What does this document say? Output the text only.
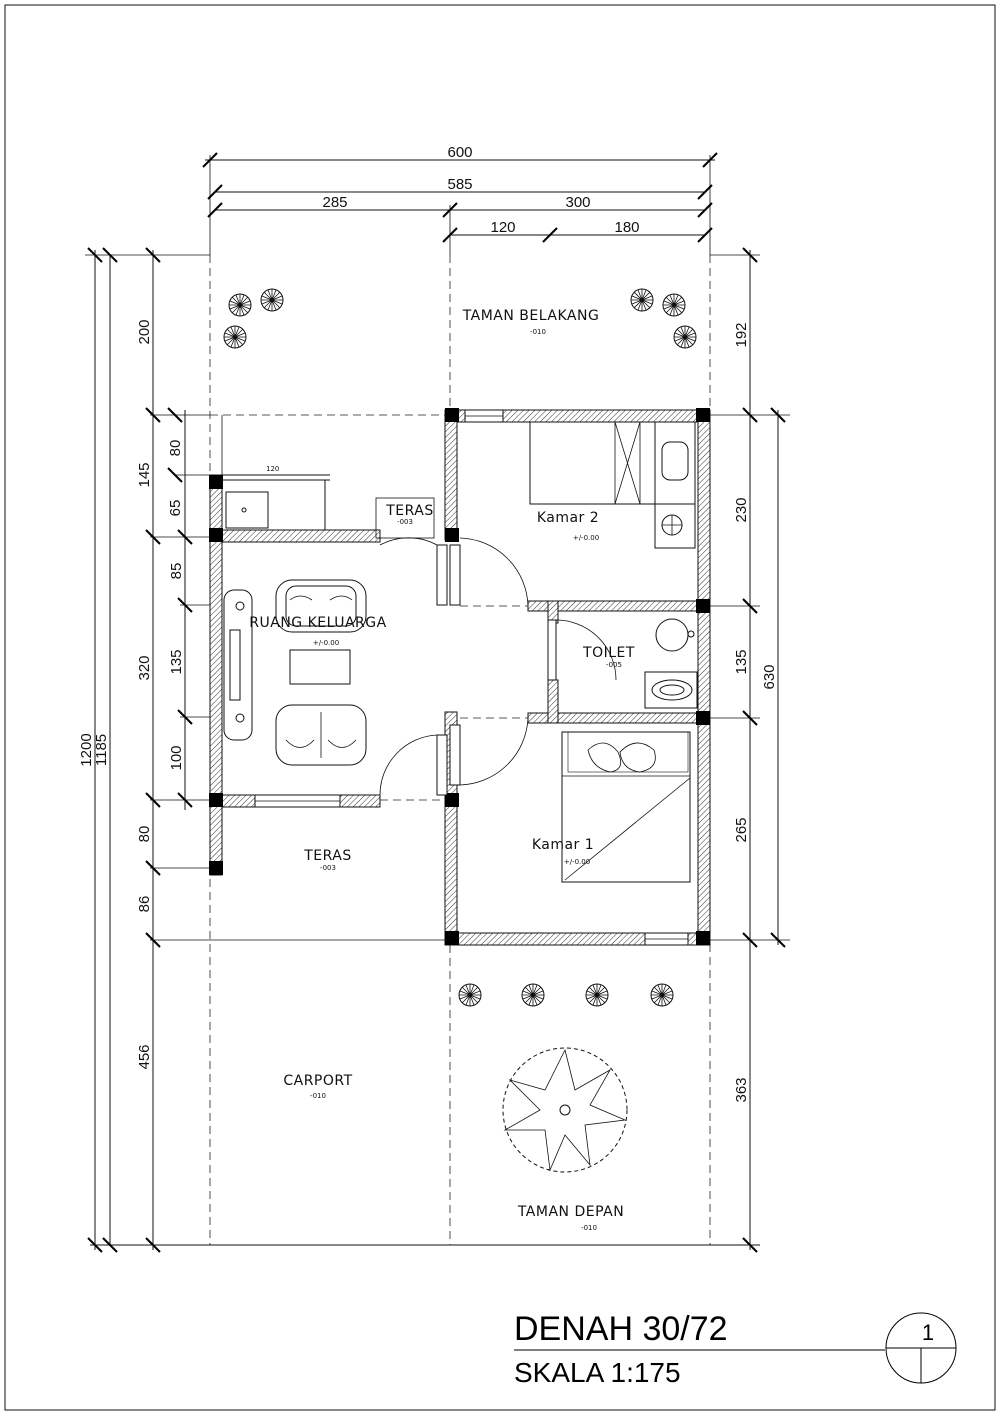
120
600
585
285	300
120	180
1200
1185
200
145
80
65
320
85
135
100
80
86
456
192
230
135
265
630
363
TAMAN BELAKANG
-010
TERAS
-003	Kamar 2
+/-0.00
RUANG KELUARGA
+/-0.00
TOILET
-005
Kamar 1
+/-0.00
TERAS
-003
CARPORT
-010
TAMAN DEPAN
-010
DENAH 30/72
SKALA 1:175
1
